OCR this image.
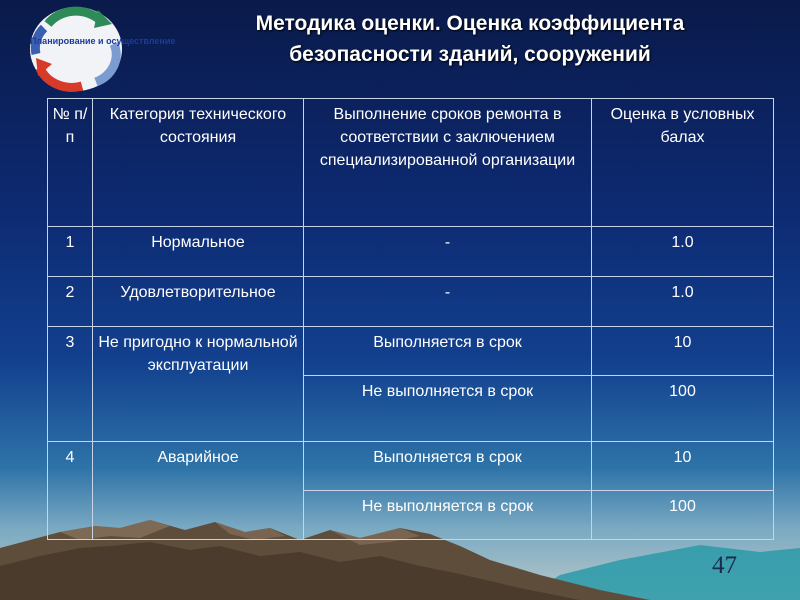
Планирование и осуществление
Методика оценки. Оценка коэффициента
безопасности зданий, сооружений
№ п/п	Категория технического состояния	Выполнение сроков ремонта в соответствии с заключением специализированной организации	Оценка в условных балах
1	Нормальное	-	1.0
2	Удовлетворительное	-	1.0
3	Не пригодно к нормальной эксплуатации	Выполняется в срок	10
		Не выполняется в срок	100
4	Аварийное	Выполняется в срок	10
		Не выполняется в срок	100
47
